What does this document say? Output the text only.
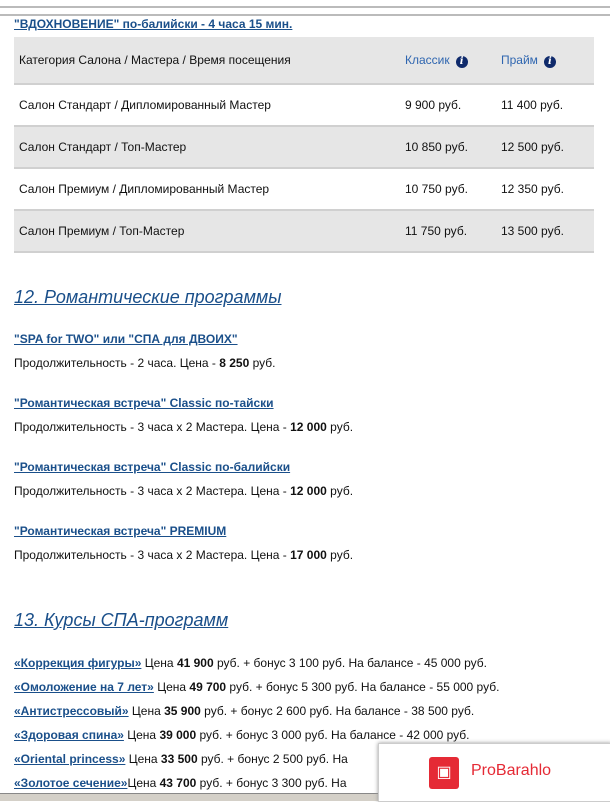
"ВДОХНОВЕНИЕ" по-балийски - 4 часа 15 мин.
Категория Салона / Мастера / Время посещения	Классик i	Прайм i
Салон Стандарт / Дипломированный Мастер	9 900 руб.	11 400 руб.
Салон Стандарт / Топ-Мастер	10 850 руб.	12 500 руб.
Салон Премиум / Дипломированный Мастер	10 750 руб.	12 350 руб.
Салон Премиум / Топ-Мастер	11 750 руб.	13 500 руб.
12. Романтические программы
"SPA for TWO" или "СПА для ДВОИХ"
Продолжительность - 2 часа. Цена - 8 250 руб.
"Романтическая встреча" Classic по-тайски
Продолжительность - 3 часа х 2 Мастера. Цена - 12 000 руб.
"Романтическая встреча" Classic по-балийски
Продолжительность - 3 часа х 2 Мастера. Цена - 12 000 руб.
"Романтическая встреча" PREMIUM
Продолжительность - 3 часа х 2 Мастера. Цена - 17 000 руб.
13. Курсы СПА-программ
«Коррекция фигуры» Цена 41 900 руб. + бонус 3 100 руб. На балансе - 45 000 руб.
«Омоложение на 7 лет» Цена 49 700 руб. + бонус 5 300 руб. На балансе - 55 000 руб.
«Антистрессовый» Цена 35 900 руб. + бонус 2 600 руб. На балансе - 38 500 руб.
«Здоровая спина» Цена 39 000 руб. + бонус 3 000 руб. На балансе - 42 000 руб.
«Oriental princess» Цена 33 500 руб. + бонус 2 500 руб. На
«Золотое сечение»Цена 43 700 руб. + бонус 3 300 руб. На
▣	ProBarahlo
